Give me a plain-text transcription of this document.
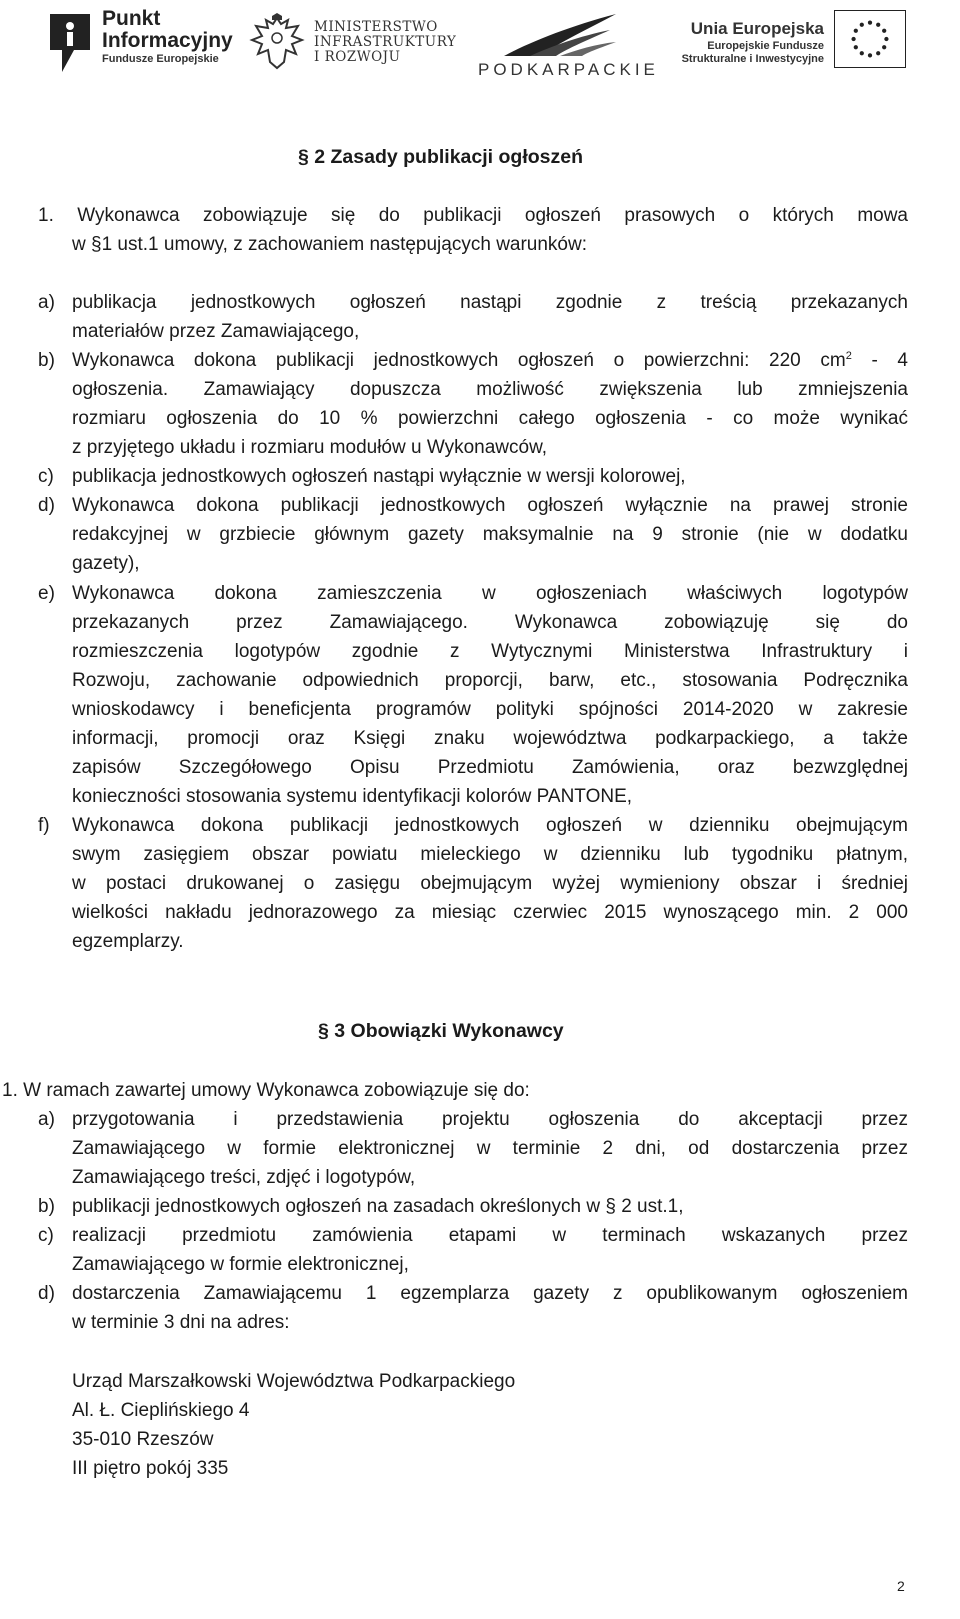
Punkt
Informacyjny
Fundusze Europejskie
MINISTERSTWO
INFRASTRUKTURY
I ROZWOJU
PODKARPACKIE
Unia Europejska
Europejskie Fundusze
Strukturalne i Inwestycyjne
§ 2 Zasady publikacji ogłoszeń
1. Wykonawca zobowiązuje się do publikacji ogłoszeń prasowych o których mowa
w §1 ust.1 umowy, z zachowaniem następujących warunków:
a) publikacja jednostkowych ogłoszeń nastąpi zgodnie z treścią przekazanych
materiałów przez Zamawiającego,
b) Wykonawca dokona publikacji jednostkowych ogłoszeń o powierzchni: 220 $cm^2 - 4$
ogłoszenia. Zamawiający dopuszcza możliwość zwiększenia lub zmniejszenia
rozmiaru ogłoszenia do 10 % powierzchni całego ogłoszenia - co może wynikać
z przyjętego układu i rozmiaru modułów u Wykonawców,
c) publikacja jednostkowych ogłoszeń nastąpi wyłącznie w wersji kolorowej,
d) Wykonawca dokona publikacji jednostkowych ogłoszeń wyłącznie na prawej stronie
redakcyjnej w grzbiecie głównym gazety maksymalnie na 9 stronie (nie w dodatku
gazety),
e) Wykonawca dokona zamieszczenia w ogłoszeniach właściwych logotypów
przekazanych przez Zamawiającego. Wykonawca zobowiązuję się do
rozmieszczenia logotypów zgodnie z Wytycznymi Ministerstwa Infrastruktury i
Rozwoju, zachowanie odpowiednich proporcji, barw, etc., stosowania Podręcznika
wnioskodawcy i beneficjenta programów polityki spójności 2014-2020 w zakresie
informacji, promocji oraz Księgi znaku województwa podkarpackiego, a także
zapisów Szczegółowego Opisu Przedmiotu Zamówienia, oraz bezwzględnej
konieczności stosowania systemu identyfikacji kolorów PANTONE,
f) Wykonawca dokona publikacji jednostkowych ogłoszeń w dzienniku obejmującym
swym zasięgiem obszar powiatu mieleckiego w dzienniku lub tygodniku płatnym,
w postaci drukowanej o zasięgu obejmującym wyżej wymieniony obszar i średniej
wielkości nakładu jednorazowego za miesiąc czerwiec 2015 wynoszącego min. 2 000
egzemplarzy.
§ 3 Obowiązki Wykonawcy
1. W ramach zawartej umowy Wykonawca zobowiązuje się do:
a) przygotowania i przedstawienia projektu ogłoszenia do akceptacji przez
Zamawiającego w formie elektronicznej w terminie 2 dni, od dostarczenia przez
Zamawiającego treści, zdjęć i logotypów,
b) publikacji jednostkowych ogłoszeń na zasadach określonych w § 2 ust.1,
c) realizacji przedmiotu zamówienia etapami w terminach wskazanych przez
Zamawiającego w formie elektronicznej,
d) dostarczenia Zamawiającemu 1 egzemplarza gazety z opublikowanym ogłoszeniem
w terminie 3 dni na adres:
Urząd Marszałkowski Województwa Podkarpackiego
Al. Ł. Cieplińskiego 4
35-010 Rzeszów
III piętro pokój 335
2
